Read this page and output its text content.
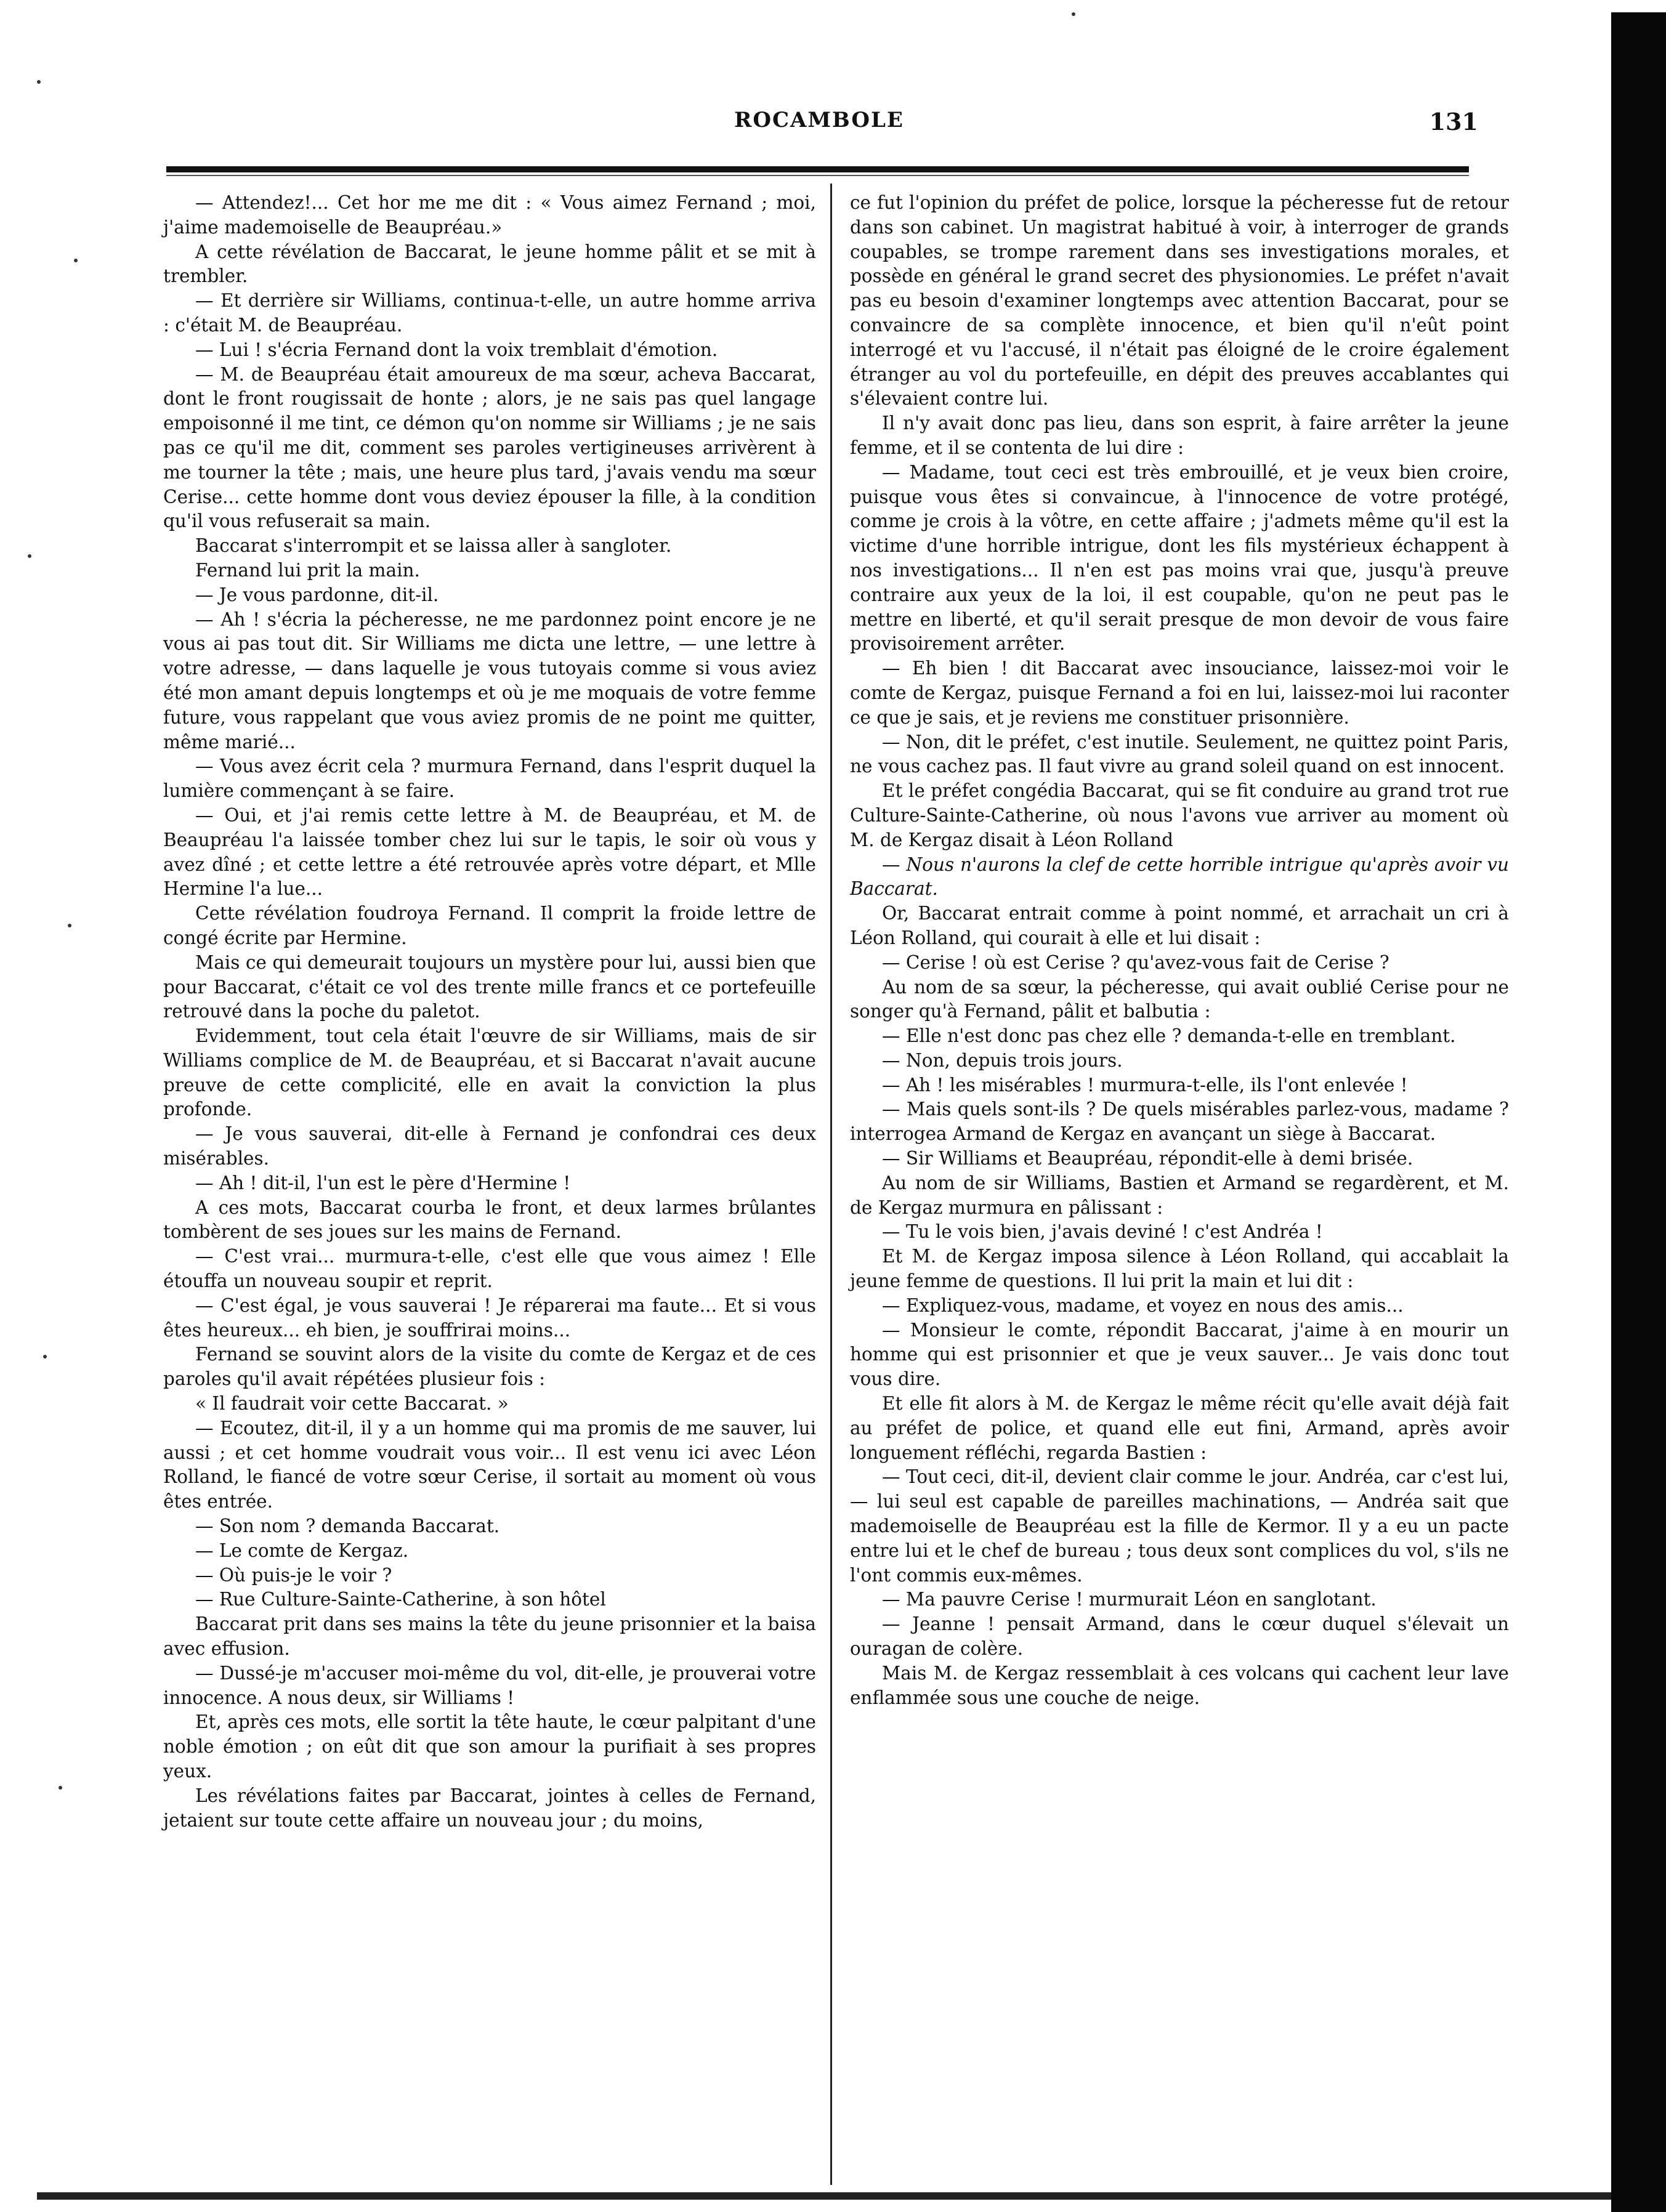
ROCAMBOLE	131

— Attendez!... Cet hor me me dit : « Vous aimez Fernand ; moi, j'aime mademoiselle de Beaupréau.»

A cette révélation de Baccarat, le jeune homme pâlit et se mit à trembler.

— Et derrière sir Williams, continua-t-elle, un autre homme arriva : c'était M. de Beaupréau.

— Lui ! s'écria Fernand dont la voix tremblait d'émotion.

— M. de Beaupréau était amoureux de ma sœur, acheva Baccarat, dont le front rougissait de honte ; alors, je ne sais pas quel langage empoisonné il me tint, ce démon qu'on nomme sir Williams ; je ne sais pas ce qu'il me dit, comment ses paroles vertigineuses arrivèrent à me tourner la tête ; mais, une heure plus tard, j'avais vendu ma sœur Cerise... cette homme dont vous deviez épouser la fille, à la condition qu'il vous refuserait sa main.

Baccarat s'interrompit et se laissa aller à sangloter.

Fernand lui prit la main.

— Je vous pardonne, dit-il.

— Ah ! s'écria la pécheresse, ne me pardonnez point encore je ne vous ai pas tout dit. Sir Williams me dicta une lettre, — une lettre à votre adresse, — dans laquelle je vous tutoyais comme si vous aviez été mon amant depuis longtemps et où je me moquais de votre femme future, vous rappelant que vous aviez promis de ne point me quitter, même marié...

— Vous avez écrit cela ? murmura Fernand, dans l'esprit duquel la lumière commençant à se faire.

— Oui, et j'ai remis cette lettre à M. de Beaupréau, et M. de Beaupréau l'a laissée tomber chez lui sur le tapis, le soir où vous y avez dîné ; et cette lettre a été retrouvée après votre départ, et Mlle Hermine l'a lue...

Cette révélation foudroya Fernand. Il comprit la froide lettre de congé écrite par Hermine.

Mais ce qui demeurait toujours un mystère pour lui, aussi bien que pour Baccarat, c'était ce vol des trente mille francs et ce portefeuille retrouvé dans la poche du paletot.

Evidemment, tout cela était l'œuvre de sir Williams, mais de sir Williams complice de M. de Beaupréau, et si Baccarat n'avait aucune preuve de cette complicité, elle en avait la conviction la plus profonde.

— Je vous sauverai, dit-elle à Fernand je confondrai ces deux misérables.

— Ah ! dit-il, l'un est le père d'Hermine !

A ces mots, Baccarat courba le front, et deux larmes brûlantes tombèrent de ses joues sur les mains de Fernand.

— C'est vrai... murmura-t-elle, c'est elle que vous aimez ! Elle étouffa un nouveau soupir et reprit.

— C'est égal, je vous sauverai ! Je réparerai ma faute... Et si vous êtes heureux... eh bien, je souffrirai moins...

Fernand se souvint alors de la visite du comte de Kergaz et de ces paroles qu'il avait répétées plusieur fois :

« Il faudrait voir cette Baccarat. »

— Ecoutez, dit-il, il y a un homme qui ma promis de me sauver, lui aussi ; et cet homme voudrait vous voir... Il est venu ici avec Léon Rolland, le fiancé de votre sœur Cerise, il sortait au moment où vous êtes entrée.

— Son nom ? demanda Baccarat.

— Le comte de Kergaz.

— Où puis-je le voir ?

— Rue Culture-Sainte-Catherine, à son hôtel

Baccarat prit dans ses mains la tête du jeune prisonnier et la baisa avec effusion.

— Dussé-je m'accuser moi-même du vol, dit-elle, je prouverai votre innocence. A nous deux, sir Williams !

Et, après ces mots, elle sortit la tête haute, le cœur palpitant d'une noble émotion ; on eût dit que son amour la purifiait à ses propres yeux.

Les révélations faites par Baccarat, jointes à celles de Fernand, jetaient sur toute cette affaire un nouveau jour ; du moins,

ce fut l'opinion du préfet de police, lorsque la pécheresse fut de retour dans son cabinet. Un magistrat habitué à voir, à interroger de grands coupables, se trompe rarement dans ses investigations morales, et possède en général le grand secret des physionomies. Le préfet n'avait pas eu besoin d'examiner longtemps avec attention Baccarat, pour se convaincre de sa complète innocence, et bien qu'il n'eût point interrogé et vu l'accusé, il n'était pas éloigné de le croire également étranger au vol du portefeuille, en dépit des preuves accablantes qui s'élevaient contre lui.

Il n'y avait donc pas lieu, dans son esprit, à faire arrêter la jeune femme, et il se contenta de lui dire :

— Madame, tout ceci est très embrouillé, et je veux bien croire, puisque vous êtes si convaincue, à l'innocence de votre protégé, comme je crois à la vôtre, en cette affaire ; j'admets même qu'il est la victime d'une horrible intrigue, dont les fils mystérieux échappent à nos investigations... Il n'en est pas moins vrai que, jusqu'à preuve contraire aux yeux de la loi, il est coupable, qu'on ne peut pas le mettre en liberté, et qu'il serait presque de mon devoir de vous faire provisoirement arrêter.

— Eh bien ! dit Baccarat avec insouciance, laissez-moi voir le comte de Kergaz, puisque Fernand a foi en lui, laissez-moi lui raconter ce que je sais, et je reviens me constituer prisonnière.

— Non, dit le préfet, c'est inutile. Seulement, ne quittez point Paris, ne vous cachez pas. Il faut vivre au grand soleil quand on est innocent.

Et le préfet congédia Baccarat, qui se fit conduire au grand trot rue Culture-Sainte-Catherine, où nous l'avons vue arriver au moment où M. de Kergaz disait à Léon Rolland

— Nous n'aurons la clef de cette horrible intrigue qu'après avoir vu Baccarat.

Or, Baccarat entrait comme à point nommé, et arrachait un cri à Léon Rolland, qui courait à elle et lui disait :

— Cerise ! où est Cerise ? qu'avez-vous fait de Cerise ?

Au nom de sa sœur, la pécheresse, qui avait oublié Cerise pour ne songer qu'à Fernand, pâlit et balbutia :

— Elle n'est donc pas chez elle ? demanda-t-elle en tremblant.

— Non, depuis trois jours.

— Ah ! les misérables ! murmura-t-elle, ils l'ont enlevée !

— Mais quels sont-ils ? De quels misérables parlez-vous, madame ? interrogea Armand de Kergaz en avançant un siège à Baccarat.

— Sir Williams et Beaupréau, répondit-elle à demi brisée.

Au nom de sir Williams, Bastien et Armand se regardèrent, et M. de Kergaz murmura en pâlissant :

— Tu le vois bien, j'avais deviné ! c'est Andréa !

Et M. de Kergaz imposa silence à Léon Rolland, qui accablait la jeune femme de questions. Il lui prit la main et lui dit :

— Expliquez-vous, madame, et voyez en nous des amis...

— Monsieur le comte, répondit Baccarat, j'aime à en mourir un homme qui est prisonnier et que je veux sauver... Je vais donc tout vous dire.

Et elle fit alors à M. de Kergaz le même récit qu'elle avait déjà fait au préfet de police, et quand elle eut fini, Armand, après avoir longuement réfléchi, regarda Bastien :

— Tout ceci, dit-il, devient clair comme le jour. Andréa, car c'est lui, — lui seul est capable de pareilles machinations, — Andréa sait que mademoiselle de Beaupréau est la fille de Kermor. Il y a eu un pacte entre lui et le chef de bureau ; tous deux sont complices du vol, s'ils ne l'ont commis eux-mêmes.

— Ma pauvre Cerise ! murmurait Léon en sanglotant.

— Jeanne ! pensait Armand, dans le cœur duquel s'élevait un ouragan de colère.

Mais M. de Kergaz ressemblait à ces volcans qui cachent leur lave enflammée sous une couche de neige.
